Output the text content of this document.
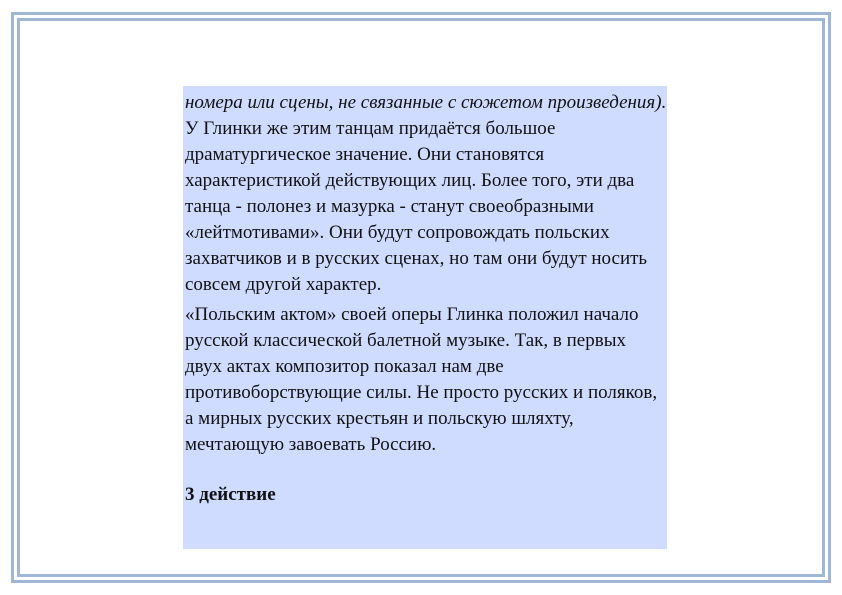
номера или сцены, не связанные с сюжетом произведения). У Глинки же этим танцам придаётся большое драматургическое значение. Они становятся характеристикой действующих лиц. Более того, эти два танца - полонез и мазурка - станут своеобразными «лейтмотивами». Они будут сопровождать польских захватчиков и в русских сценах, но там они будут носить совсем другой характер.

«Польским актом» своей оперы Глинка положил начало русской классической балетной музыке. Так, в первых двух актах композитор показал нам две противоборствующие силы. Не просто русских и поляков, а мирных русских крестьян и польскую шляхту, мечтающую завоевать Россию.

3 действие
